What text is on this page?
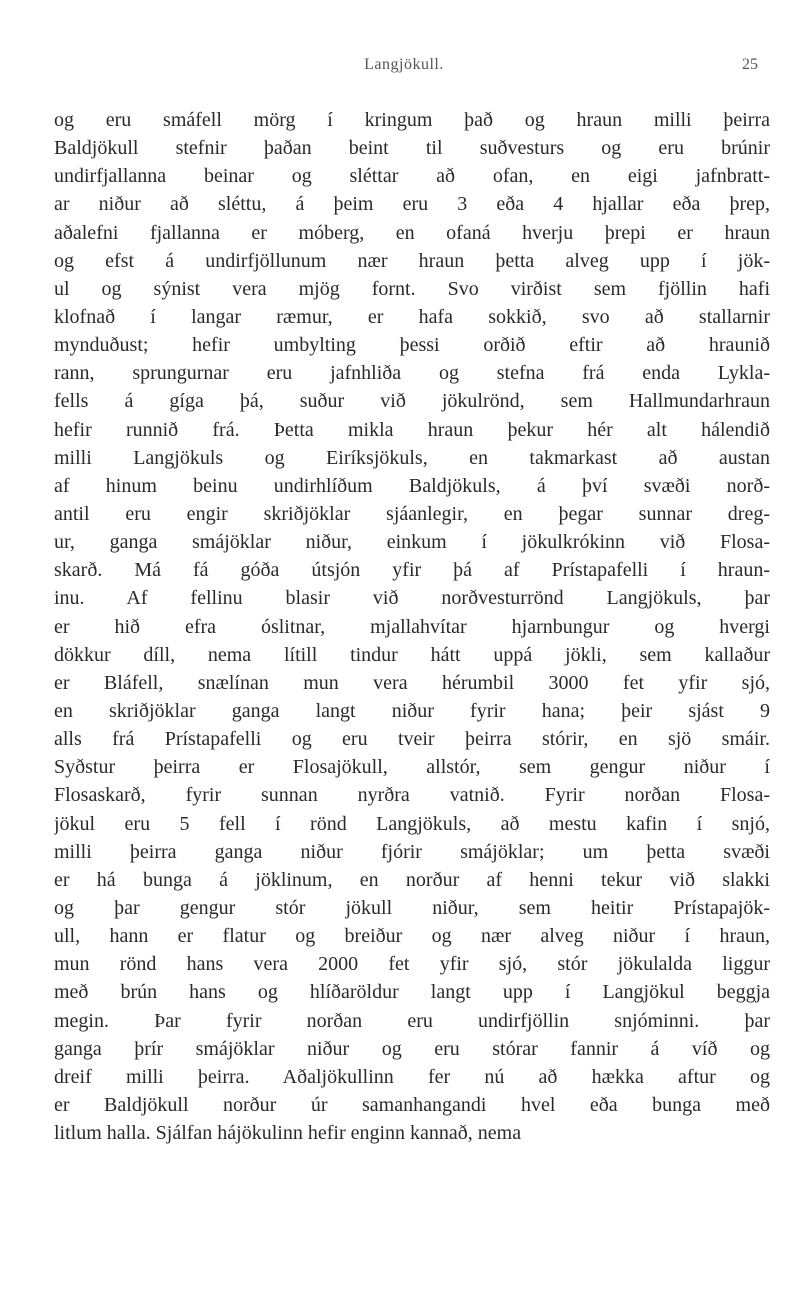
Langjökull.	25
og eru smáfell mörg í kringum það og hraun milli þeirra
Baldjökull stefnir þaðan beint til suðvesturs og eru brúnir
undirfjallanna beinar og sléttar að ofan, en eigi jafnbratt-
ar niður að sléttu, á þeim eru 3 eða 4 hjallar eða þrep,
aðalefni fjallanna er móberg, en ofaná hverju þrepi er hraun
og efst á undirfjöllunum nær hraun þetta alveg upp í jök-
ul og sýnist vera mjög fornt. Svo virðist sem fjöllin hafi
klofnað í langar ræmur, er hafa sokkið, svo að stallarnir
mynduðust; hefir umbylting þessi orðið eftir að hraunið
rann, sprungurnar eru jafnhliða og stefna frá enda Lykla-
fells á gíga þá, suður við jökulrönd, sem Hallmundarhraun
hefir runnið frá. Þetta mikla hraun þekur hér alt hálendið
milli Langjökuls og Eiríksjökuls, en takmarkast að austan
af hinum beinu undirhlíðum Baldjökuls, á því svæði norð-
antil eru engir skriðjöklar sjáanlegir, en þegar sunnar dreg-
ur, ganga smájöklar niður, einkum í jökulkrókinn við Flosa-
skarð. Má fá góða útsjón yfir þá af Prístapafelli í hraun-
inu. Af fellinu blasir við norðvesturrönd Langjökuls, þar
er hið efra óslitnar, mjallahvítar hjarnbungur og hvergi
dökkur díll, nema lítill tindur hátt uppá jökli, sem kallaður
er Bláfell, snælínan mun vera hérumbil 3000 fet yfir sjó,
en skriðjöklar ganga langt niður fyrir hana; þeir sjást 9
alls frá Prístapafelli og eru tveir þeirra stórir, en sjö smáir.
Syðstur þeirra er Flosajökull, allstór, sem gengur niður í
Flosaskarð, fyrir sunnan nyrðra vatnið. Fyrir norðan Flosa-
jökul eru 5 fell í rönd Langjökuls, að mestu kafin í snjó,
milli þeirra ganga niður fjórir smájöklar; um þetta svæði
er há bunga á jöklinum, en norður af henni tekur við slakki
og þar gengur stór jökull niður, sem heitir Prístapajök-
ull, hann er flatur og breiður og nær alveg niður í hraun,
mun rönd hans vera 2000 fet yfir sjó, stór jökulalda liggur
með brún hans og hlíðaröldur langt upp í Langjökul beggja
megin. Þar fyrir norðan eru undirfjöllin snjóminni. þar
ganga þrír smájöklar niður og eru stórar fannir á víð og
dreif milli þeirra. Aðaljökullinn fer nú að hækka aftur og
er Baldjökull norður úr samanhangandi hvel eða bunga með
litlum halla. Sjálfan hájökulinn hefir enginn kannað, nema
